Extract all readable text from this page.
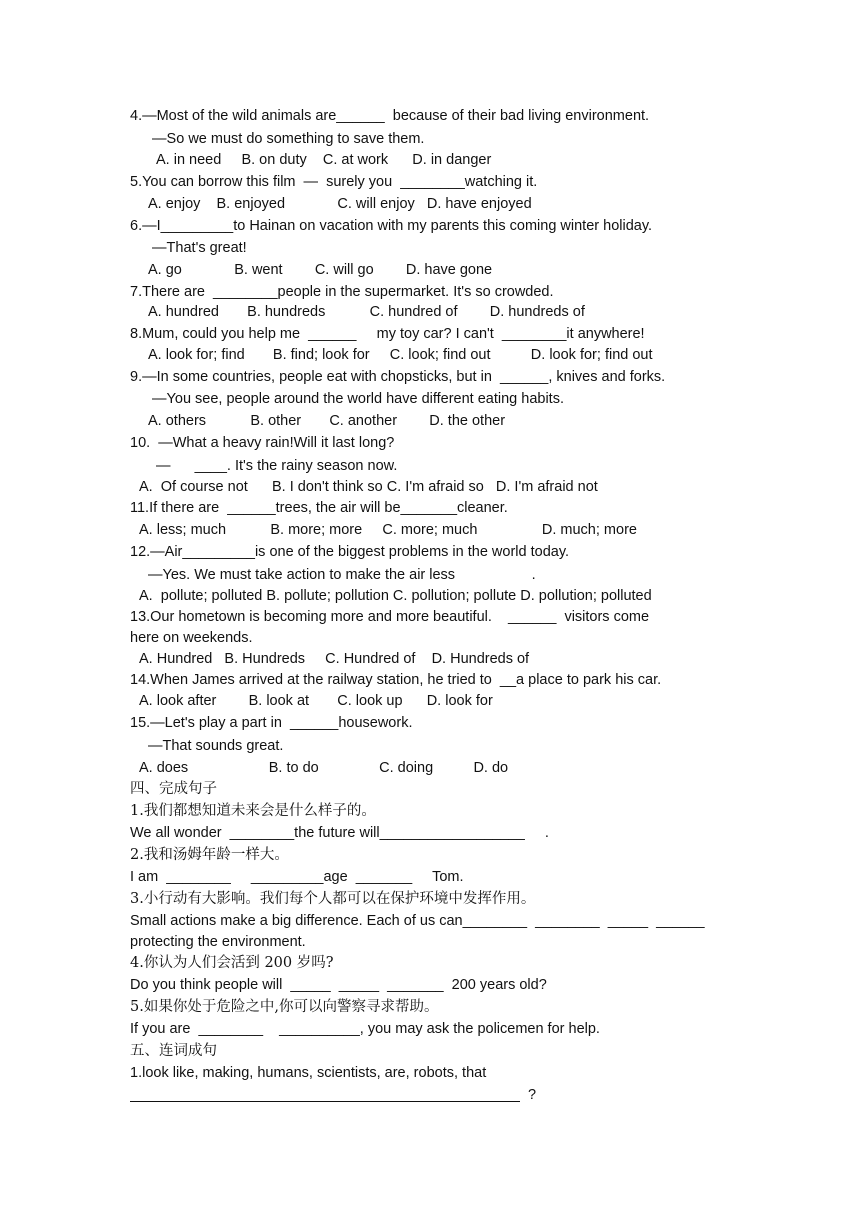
4.—Most of the wild animals are______  because of their bad living environment.
—So we must do something to save them.
A. in need     B. on duty    C. at work      D. in danger
5.You can borrow this film  —  surely you  ________watching it.
A. enjoy    B. enjoyed             C. will enjoy   D. have enjoyed
6.—I_________to Hainan on vacation with my parents this coming winter holiday.
—That's great!
A. go             B. went        C. will go        D. have gone
7.There are  ________people in the supermarket. It's so crowded.
A. hundred       B. hundreds           C. hundred of        D. hundreds of
8.Mum, could you help me  ______     my toy car? I can't  ________it anywhere!
A. look for; find       B. find; look for     C. look; find out          D. look for; find out
9.—In some countries, people eat with chopsticks, but in  ______, knives and forks.
—You see, people around the world have different eating habits.
A. others           B. other       C. another        D. the other
10.  —What a heavy rain!Will it last long?
—      ____. It's the rainy season now.
A.  Of course not      B. I don't think so C. I'm afraid so   D. I'm afraid not
11.If there are  ______trees, the air will be_______cleaner.
A. less; much           B. more; more     C. more; much                D. much; more
12.—Air_________is one of the biggest problems in the world today.
—Yes. We must take action to make the air less                   .
A.  pollute; polluted B. pollute; pollution C. pollution; pollute D. pollution; polluted
13.Our hometown is becoming more and more beautiful.    ______  visitors come
here on weekends.
A. Hundred   B. Hundreds     C. Hundred of    D. Hundreds of
14.When James arrived at the railway station, he tried to  __a place to park his car.
A. look after        B. look at       C. look up      D. look for
15.—Let's play a part in  ______housework.
—That sounds great.
A. does                    B. to do               C. doing          D. do
四、完成句子
1.我们都想知道未来会是什么样子的。
We all wonder  ________the future will__________________     .
2.我和汤姆年龄一样大。
I am  ________     _________age  _______     Tom.
3.小行动有大影响。我们每个人都可以在保护环境中发挥作用。
Small actions make a big difference. Each of us can________  ________  _____  ______
protecting the environment.
4.你认为人们会活到 200 岁吗?
Do you think people will  _____  _____  _______  200 years old?
5.如果你处于危险之中,你可以向警察寻求帮助。
If you are  ________    __________, you may ask the policemen for help.
五、连词成句
1.look like, making, humans, scientists, are, robots, that
?
